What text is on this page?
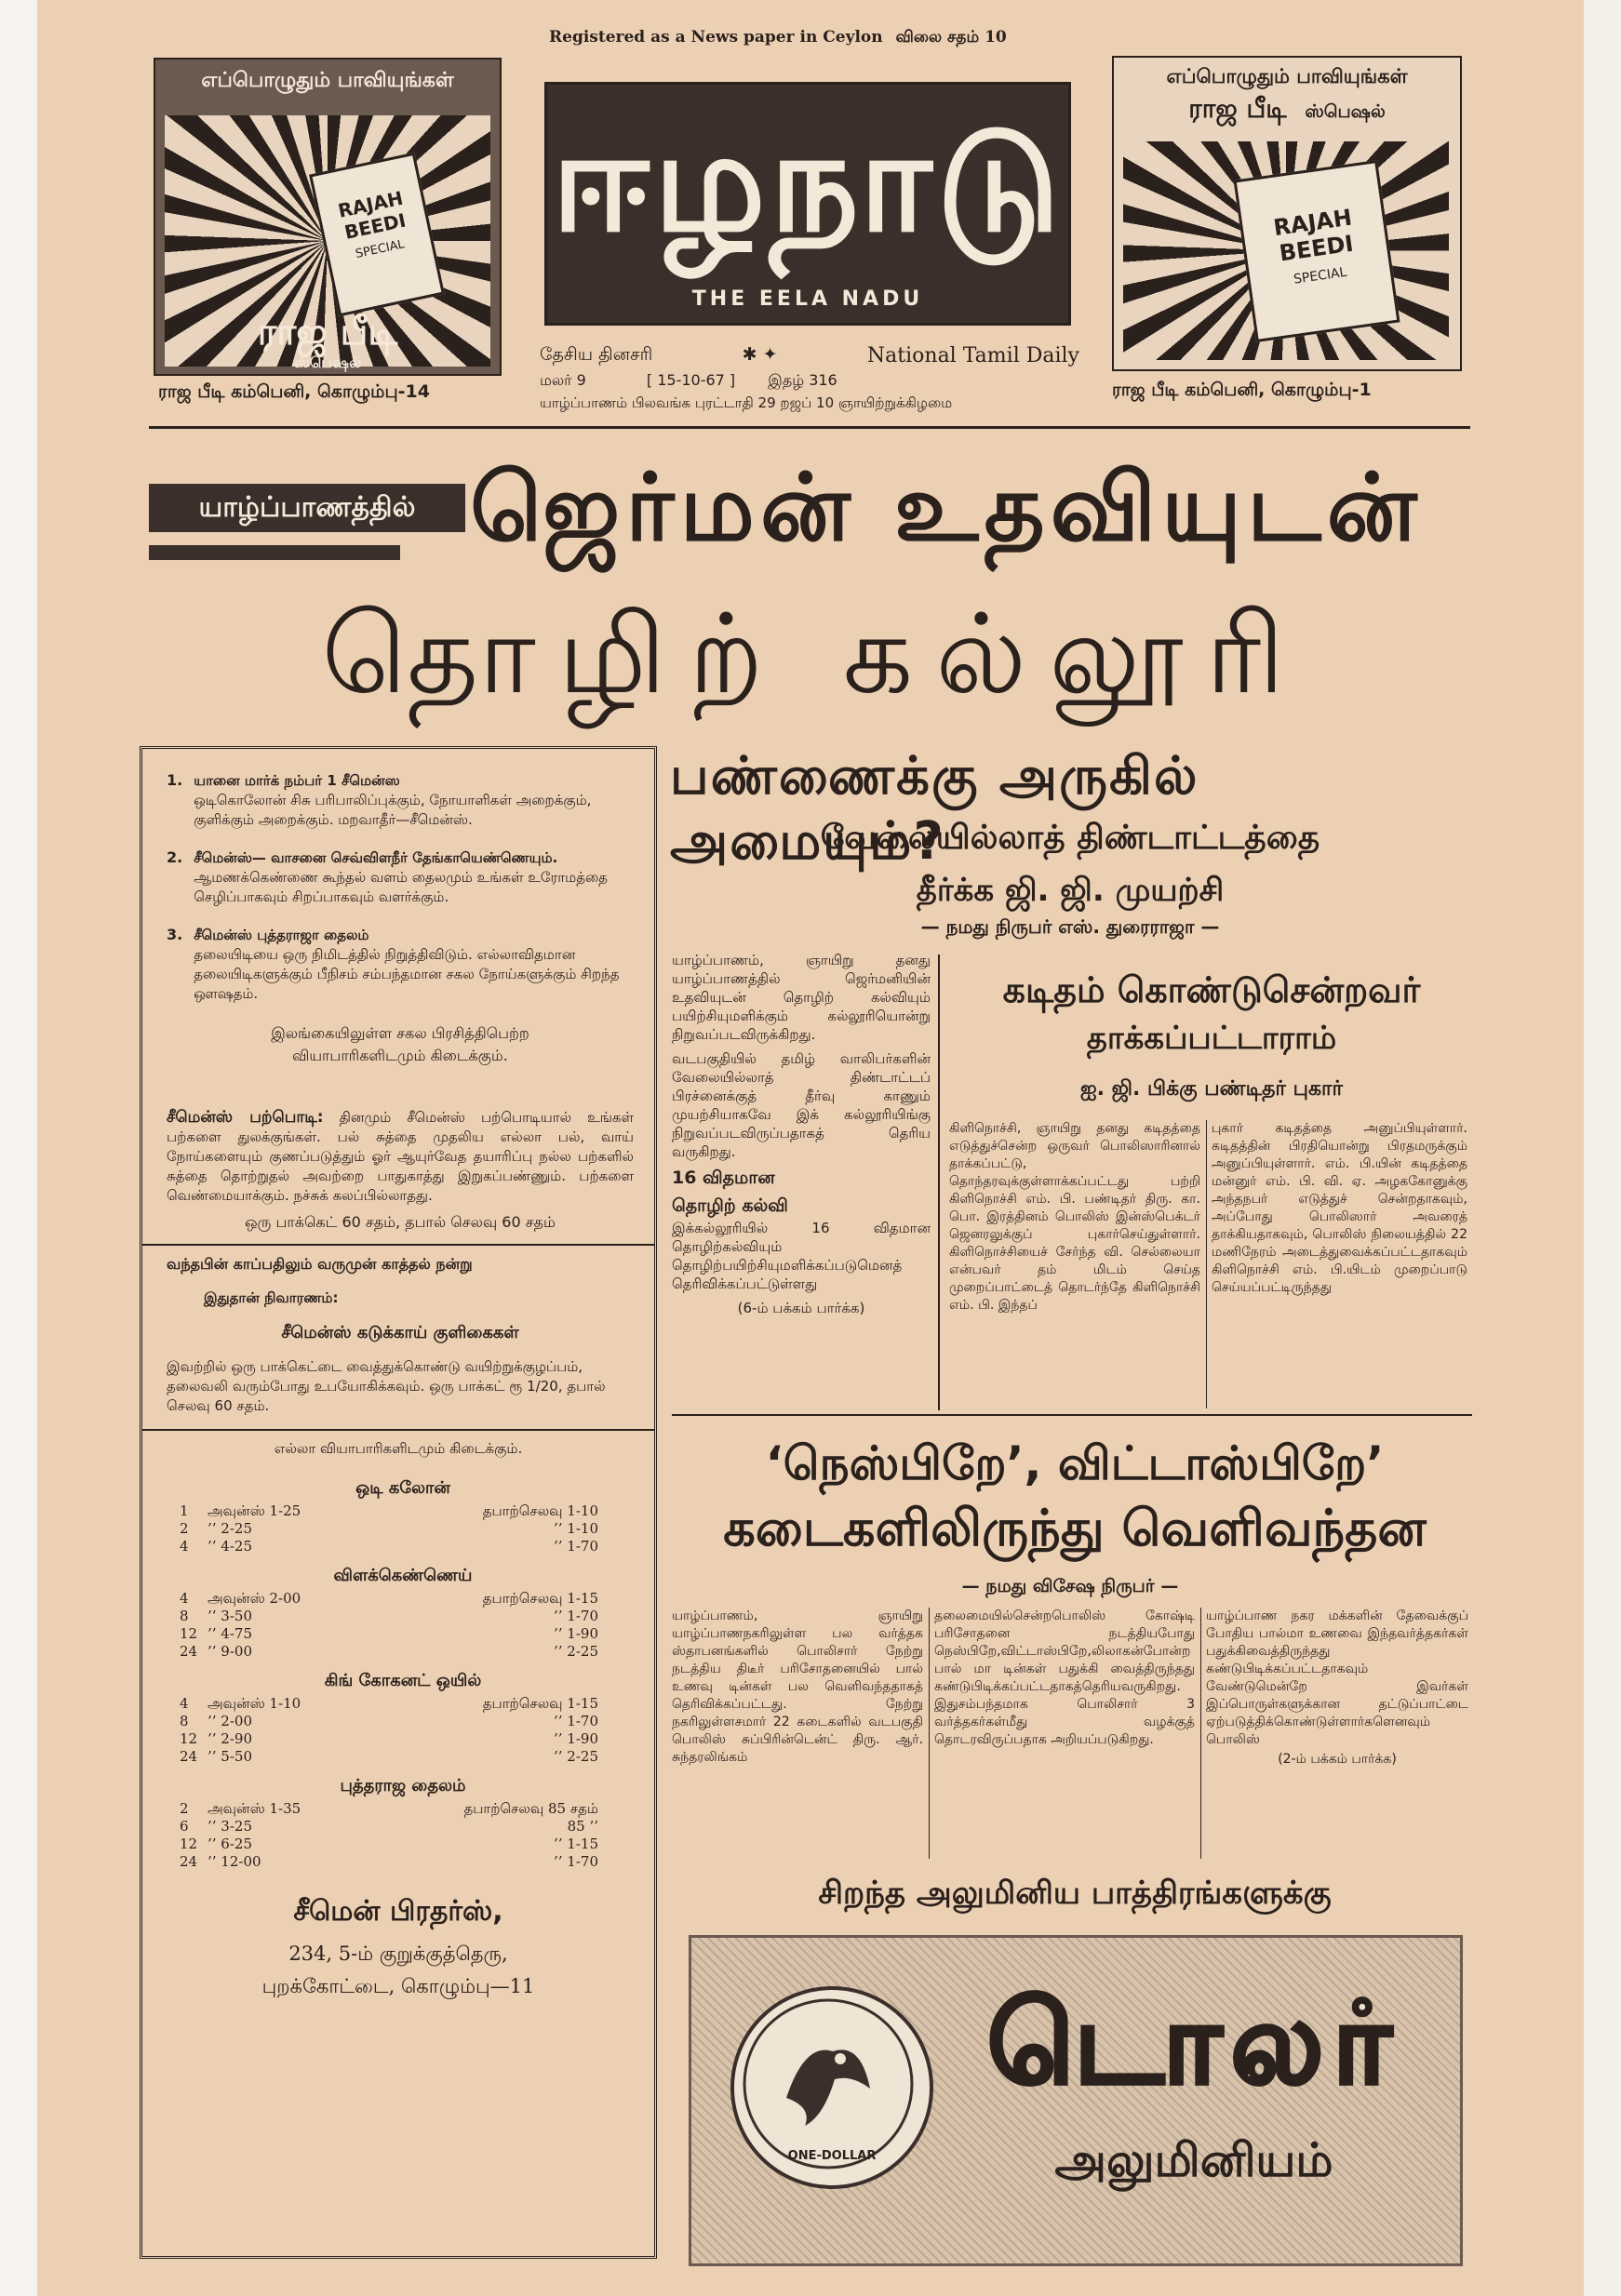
Registered as a News paper in Ceylon விலை சதம் 10
ஈழநாடு
THE EELA NADU
தேசிய தினசரி	✱ ✦	National Tamil Daily
மலர் 9	[ 15-10-67 ] இதழ் 316
யாழ்ப்பாணம் பிலவங்க புரட்டாதி 29 றஜப் 10 ஞாயிற்றுக்கிழமை
எப்பொழுதும் பாவியுங்கள்
RAJAH BEEDI
SPECIAL
ராஜ பீடி
ஸ்பெஷல்
ராஜ பீடி கம்பெனி, கொழும்பு-14
எப்பொழுதும் பாவியுங்கள்
ராஜ பீடி ஸ்பெஷல்
RAJAH BEEDI
SPECIAL
ராஜ பீடி கம்பெனி, கொழும்பு-1
யாழ்ப்பாணத்தில் ஜெர்மன் உதவியுடன்
தொழிற் கல்லூரி
1. யானை மார்க் நம்பர் 1 சீமென்ஸ
ஒடிகொலோன் சிசு பரிபாலிப்புக்கும், நோயாளிகள் அறைக்கும், குளிக்கும் அறைக்கும். மறவாதீர்—சீமென்ஸ்.
2. சீமென்ஸ்— வாசனை செவ்விளநீர் தேங்காயெண்ணெயும்.
ஆமணக்கெண்ணை கூந்தல் வளம் தைலமும் உங்கள் உரோமத்தை செழிப்பாகவும் சிறப்பாகவும் வளர்க்கும்.
3. சீமென்ஸ் புத்தராஜா தைலம்
தலையிடியை ஒரு நிமிடத்தில் நிறுத்திவிடும். எல்லாவிதமான தலையிடிகளுக்கும் பீநிசம் சம்பந்தமான சகல நோய்களுக்கும் சிறந்த ஔஷதம்.
இலங்கையிலுள்ள சகல பிரசித்திபெற்ற வியாபாரிகளிடமும் கிடைக்கும்.
சீமென்ஸ் பற்பொடி: தினமும் சீமென்ஸ் பற்பொடியால் உங்கள் பற்களை துலக்குங்கள். பல் சுத்தை முதலிய எல்லா பல், வாய் நோய்களையும் குணப்படுத்தும் ஓர் ஆயுர்வேத தயாரிப்பு நல்ல பற்களில் சுத்தை தொற்றுதல் அவற்றை பாதுகாத்து இறுகப்பண்ணும். பற்களை வெண்மையாக்கும். நச்சுக் கலப்பில்லாதது.
ஒரு பாக்கெட் 60 சதம், தபால் செலவு 60 சதம்
வந்தபின் காப்பதிலும் வருமுன் காத்தல் நன்று
இதுதான் நிவாரணம்:
சீமென்ஸ் கடுக்காய் குளிகைகள்
இவற்றில் ஒரு பாக்கெட்டை வைத்துக்கொண்டு வயிற்றுக்குழப்பம், தலைவலி வரும்போது உபயோகிக்கவும். ஒரு பாக்கட் ரூ 1/20, தபால் செலவு 60 சதம்.
எல்லா வியாபாரிகளிடமும் கிடைக்கும்.
ஒடி கலோன்
1	அவுன்ஸ் 1-25	தபாற்செலவு 1-10
2	’’ 2-25	’’ 1-10
4	’’ 4-25	’’ 1-70
விளக்கெண்ணெய்
4	அவுன்ஸ் 2-00	தபாற்செலவு 1-15
8	’’ 3-50	’’ 1-70
12 ’’ 4-75	’’ 1-90
24 ’’ 9-00	’’ 2-25
கிங் கோகனட் ஒயில்
4	அவுன்ஸ் 1-10	தபாற்செலவு 1-15
8	’’ 2-00	’’ 1-70
12 ’’ 2-90	’’ 1-90
24 ’’ 5-50	’’ 2-25
புத்தராஜ தைலம்
2	அவுன்ஸ் 1-35	தபாற்செலவு 85 சதம்
6	’’ 3-25	85 ’’
12 ’’ 6-25	’’ 1-15
24 ’’ 12-00	’’ 1-70
சீமென் பிரதர்ஸ்,
234, 5-ம் குறுக்குத்தெரு,
புறக்கோட்டை, கொழும்பு—11
பண்ணைக்கு அருகில் அமையும்?
வேலையில்லாத் திண்டாட்டத்தை
தீர்க்க ஜி. ஜி. முயற்சி
— நமது நிருபர் எஸ். துரைராஜா —

யாழ்ப்பாணம், ஞாயிறு தனது யாழ்ப்பாணத்தில் ஜெர்மனியின் உதவியுடன் தொழிற் கல்வியும் பயிற்சியுமளிக்கும் கல்லூரியொன்று நிறுவப்படவிருக்கிறது.

வடபகுதியில் தமிழ் வாலிபர்களின் வேலையில்லாத் திண்டாட்டப் பிரச்னைக்குத் தீர்வு காணும் முயற்சியாகவே இக் கல்லூரியிங்கு நிறுவப்படவிருப்பதாகத் தெரிய வருகிறது.

16 விதமான
தொழிற் கல்வி

இக்கல்லூரியில் 16 விதமான தொழிற்கல்வியும் தொழிற்பயிற்சியுமளிக்கப்படுமெனத் தெரிவிக்கப்பட்டுள்ளது

(6-ம் பக்கம் பார்க்க)
கடிதம் கொண்டுசென்றவர்
தாக்கப்பட்டாராம்
ஐ. ஜி. பிக்கு பண்டிதர் புகார்
கிளிநொச்சி, ஞாயிறு தனது கடிதத்தை எடுத்துச்சென்ற ஒருவர் பொலிஸாரினால் தாக்கப்பட்டு, தொந்தரவுக்குள்ளாக்கப்பட்டது பற்றி கிளிநொச்சி எம். பி. பண்டிதர் திரு. கா. பொ. இரத்தினம் பொலிஸ் இன்ஸ்பெக்டர் ஜெனரலுக்குப் புகார்செய்துள்ளார். கிளிநொச்சியைச் சேர்ந்த வி. செல்லையா என்பவர் தம் மிடம் செய்த முறைப்பாட்டைத் தொடர்ந்தே கிளிநொச்சி எம். பி. இந்தப்
புகார் கடிதத்தை அனுப்பியுள்ளார். கடிதத்தின் பிரதியொன்று பிரதமருக்கும் அனுப்பியுள்ளார். எம். பி.யின் கடிதத்தை மன்னுர் எம். பி. வி. ஏ. அழககோனுக்கு அந்தநபர் எடுத்துச் சென்றதாகவும், அப்போது பொலிஸார் அவரைத் தாக்கியதாகவும், பொலிஸ் நிலையத்தில் 22 மணிநேரம் அடைத்துவைக்கப்பட்டதாகவும் கிளிநொச்சி எம். பி.யிடம் முறைப்பாடு செய்யப்பட்டிருந்தது
‘நெஸ்பிறே’, விட்டாஸ்பிறே’
கடைகளிலிருந்து வெளிவந்தன
— நமது விசேஷ நிருபர் —
யாழ்ப்பாணம், ஞாயிறு யாழ்ப்பாணநகரிலுள்ள பல வர்த்தக ஸ்தாபனங்களில் பொலிசார் நேற்று நடத்திய திடீர் பரிசோதனையில் பால் உணவு டின்கள் பல வெளிவந்ததாகத் தெரிவிக்கப்பட்டது. நேற்று நகரிலுள்ளசமார் 22 கடைகளில் வடபகுதி பொலிஸ் சுப்பிரின்டென்ட் திரு. ஆர். சுந்தரலிங்கம்
தலைமையில்சென்றபொலிஸ் கோஷ்டி பரிசோதனை நடத்தியபோது நெஸ்பிறே,விட்டாஸ்பிறே,லிலாகன்போன்ற பால் மா டின்கள் பதுக்கி வைத்திருந்தது கண்டுபிடிக்கப்பட்டதாகத்தெரியவருகிறது. இதுசம்பந்தமாக பொலிசார் 3 வர்த்தகர்கள்மீது வழக்குத் தொடரவிருப்பதாக அறியப்படுகிறது.
யாழ்ப்பாண நகர மக்களின் தேவைக்குப் போதிய பால்மா உணவை இந்தவர்த்தகர்கள் பதுக்கிவைத்திருந்தது கண்டுபிடிக்கப்பட்டதாகவும் வேண்டுமென்றே இவர்கள் இப்பொருள்களுக்கான தட்டுப்பாட்டை ஏற்படுத்திக்கொண்டுள்ளார்களெனவும் பொலிஸ்
(2-ம் பக்கம் பார்க்க)
சிறந்த அலுமினிய பாத்திரங்களுக்கு
ONE-DOLLAR
டொலர்
அலுமினியம்
